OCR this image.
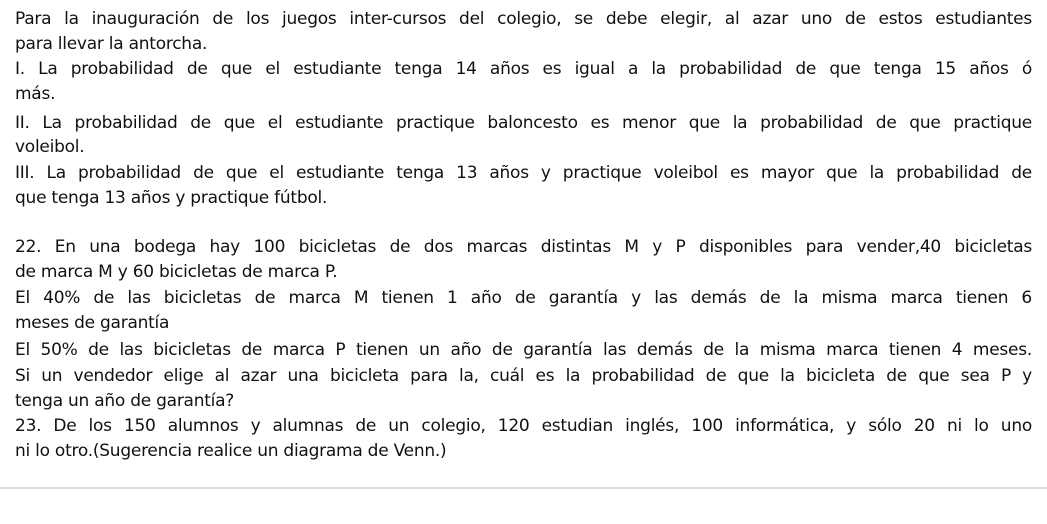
Para la inauguración de los juegos inter-cursos del colegio, se debe elegir, al azar uno de estos estudiantes
para llevar la antorcha.
I. La probabilidad de que el estudiante tenga 14 años es igual a la probabilidad de que tenga 15 años ó
más.
II. La probabilidad de que el estudiante practique baloncesto es menor que la probabilidad de que practique
voleibol.
III. La probabilidad de que el estudiante tenga 13 años y practique voleibol es mayor que la probabilidad de
que tenga 13 años y practique fútbol.
22. En una bodega hay 100 bicicletas de dos marcas distintas M y P disponibles para vender,40 bicicletas
de marca M y 60 bicicletas de marca P.
El 40% de las bicicletas de marca M tienen 1 año de garantía y las demás de la misma marca tienen 6
meses de garantía
El 50% de las bicicletas de marca P tienen un año de garantía las demás de la misma marca tienen 4 meses.
Si un vendedor elige al azar una bicicleta para la, cuál es la probabilidad de que la bicicleta de que sea P y
tenga un año de garantía?
23. De los 150 alumnos y alumnas de un colegio, 120 estudian inglés, 100 informática, y sólo 20 ni lo uno
ni lo otro.(Sugerencia realice un diagrama de Venn.)
